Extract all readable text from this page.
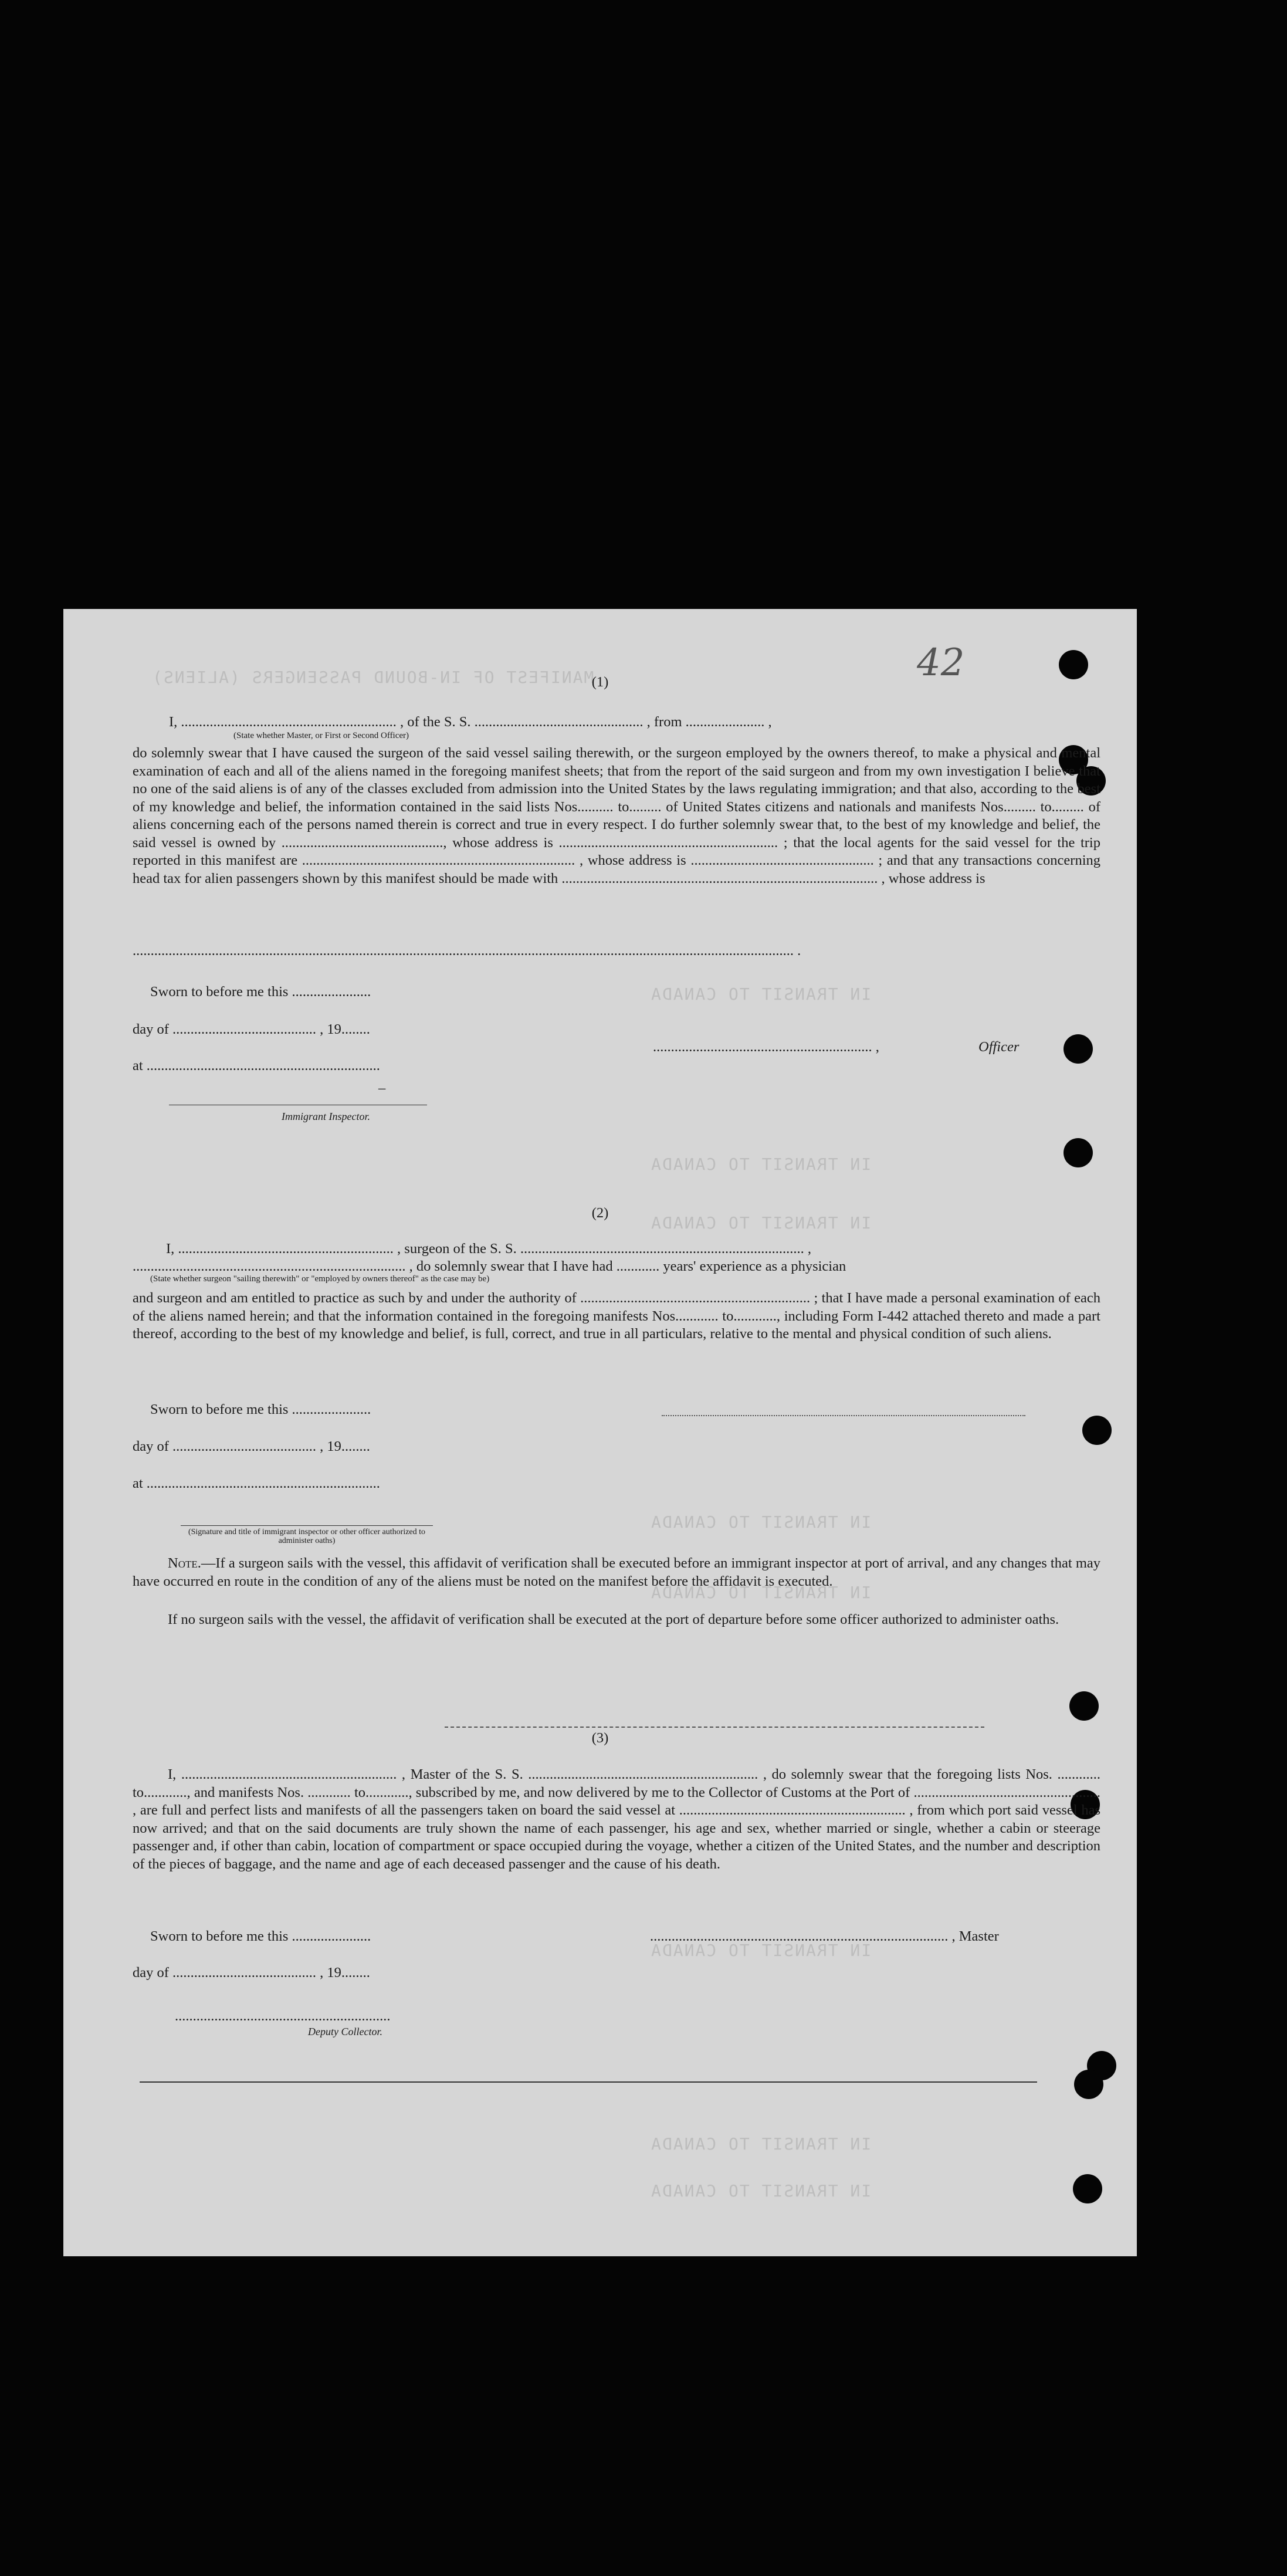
MANIFEST OF IN-BOUND PASSENGERS (ALIENS)
IN TRANSIT TO CANADA
IN TRANSIT TO CANADA
IN TRANSIT TO CANADA
IN TRANSIT TO CANADA
IN TRANSIT TO CANADA
IN TRANSIT TO CANADA
IN TRANSIT TO CANADA
IN TRANSIT TO CANADA
42
(1)
I, ............................................................ , of the S. S. ............................................... , from ...................... ,
(State whether Master, or First or Second Officer)
do solemnly swear that I have caused the surgeon of the said vessel sailing therewith, or the surgeon employed by the owners thereof, to make a physical and mental examination of each and all of the aliens named in the foregoing manifest sheets; that from the report of the said surgeon and from my own investigation I believe that no one of the said aliens is of any of the classes excluded from admission into the United States by the laws regulating immigration; and that also, according to the best of my knowledge and belief, the information contained in the said lists Nos.......... to......... of United States citizens and nationals and manifests Nos......... to......... of aliens concerning each of the persons named therein is correct and true in every respect. I do further solemnly swear that, to the best of my knowledge and belief, the said vessel is owned by ............................................., whose address is ............................................................. ; that the local agents for the said vessel for the trip reported in this manifest are ............................................................................ , whose address is ................................................... ; and that any transactions concerning head tax for alien passengers shown by this manifest should be made with ........................................................................................ , whose address is
........................................................................................................................................................................................ .
Sworn to before me this ......................
day of ........................................ , 19........
at .................................................................
–
............................................................. ,	Officer
Immigrant Inspector.
(2)
I, ............................................................ , surgeon of the S. S. ............................................................................... ,
............................................................................ , do solemnly swear that I have had ............ years' experience as a physician
(State whether surgeon "sailing therewith" or "employed by owners thereof" as the case may be)
and surgeon and am entitled to practice as such by and under the authority of ................................................................ ; that I have made a personal examination of each of the aliens named herein; and that the information contained in the foregoing manifests Nos............ to............, including Form I-442 attached thereto and made a part thereof, according to the best of my knowledge and belief, is full, correct, and true in all particulars, relative to the mental and physical condition of such aliens.
Sworn to before me this ......................
day of ........................................ , 19........
at .................................................................
(Signature and title of immigrant inspector or other officer authorized to administer oaths)
Note.—If a surgeon sails with the vessel, this affidavit of verification shall be executed before an immigrant inspector at port of arrival, and any changes that may have occurred en route in the condition of any of the aliens must be noted on the manifest before the affidavit is executed.
If no surgeon sails with the vessel, the affidavit of verification shall be executed at the port of departure before some officer authorized to administer oaths.
(3)
I, ............................................................ , Master of the S. S. ................................................................ , do solemnly swear that the foregoing lists Nos. ............ to............, and manifests Nos. ............ to............, subscribed by me, and now delivered by me to the Collector of Customs at the Port of .................................................... , are full and perfect lists and manifests of all the passengers taken on board the said vessel at ............................................................... , from which port said vessel has now arrived; and that on the said documents are truly shown the name of each passenger, his age and sex, whether married or single, whether a cabin or steerage passenger and, if other than cabin, location of compartment or space occupied during the voyage, whether a citizen of the United States, and the number and description of the pieces of baggage, and the name and age of each deceased passenger and the cause of his death.
Sworn to before me this ......................	................................................................................... , Master
day of ........................................ , 19........
............................................................
Deputy Collector.
